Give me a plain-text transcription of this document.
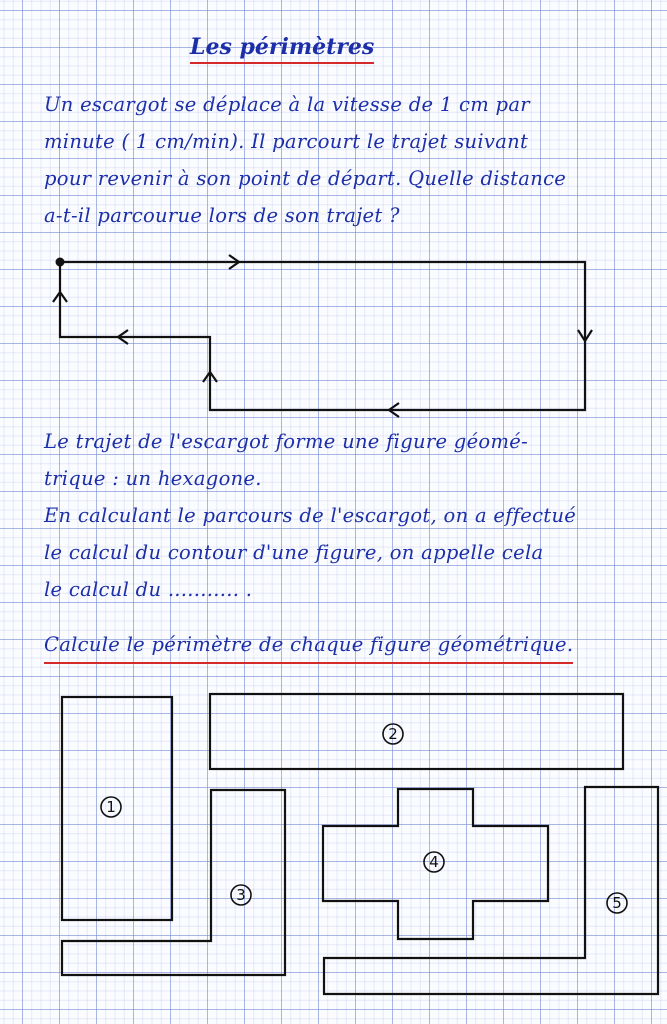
Les périmètres

Un escargot se déplace à la vitesse de 1 cm par
minute ( 1 cm/min). Il parcourt le trajet suivant
pour revenir à son point de départ. Quelle distance
a-t-il parcourue lors de son trajet ?

1
2
3
4
5

Le trajet de l'escargot forme une figure géomé-
trique : un hexagone.
En calculant le parcours de l'escargot, on a effectué
le calcul du contour d'une figure, on appelle cela
le calcul du ........... .

Calcule le périmètre de chaque figure géométrique.
